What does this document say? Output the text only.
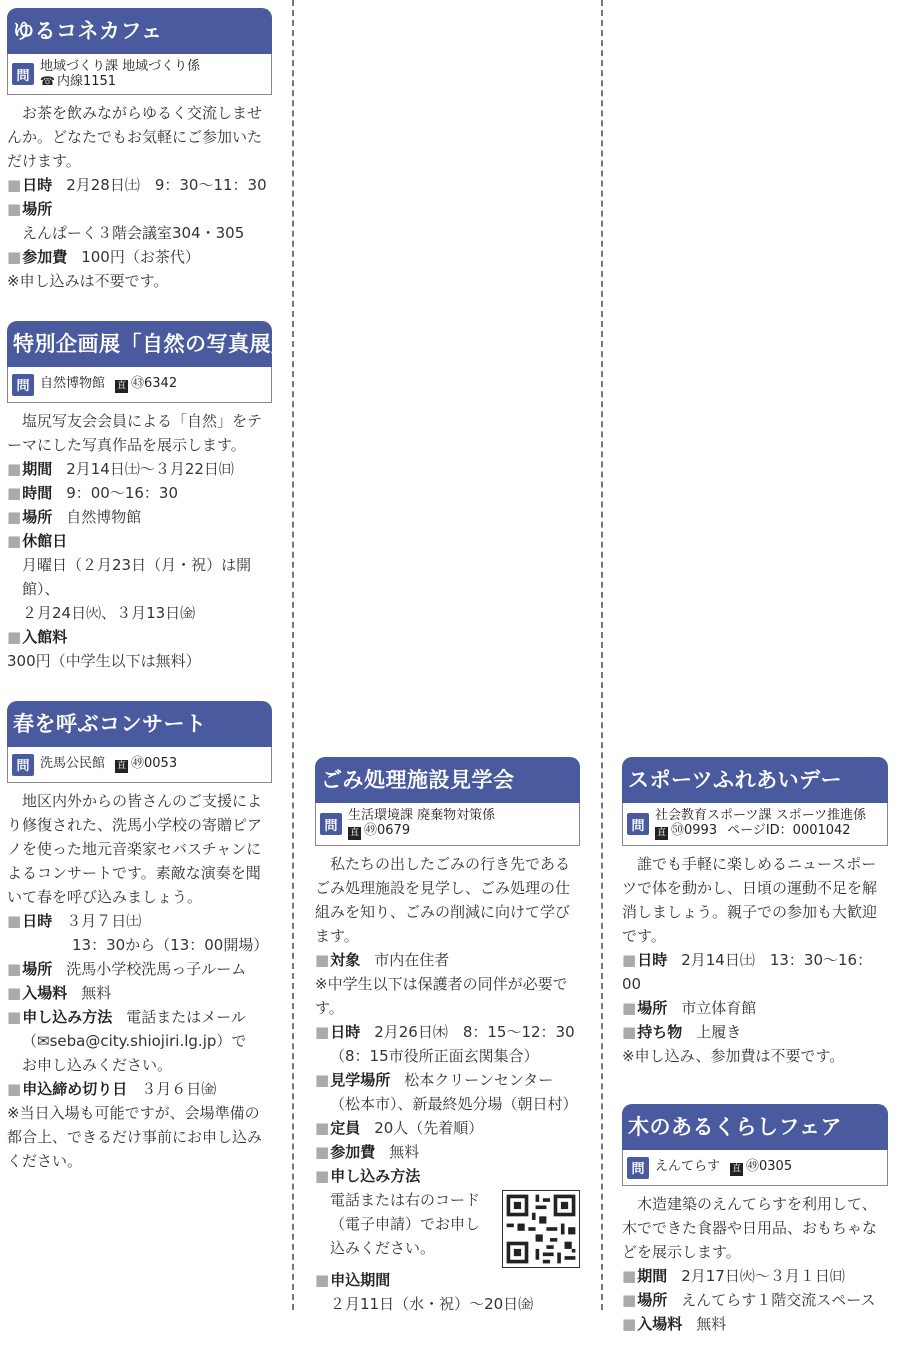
ゆるコネカフェ
問
地域づくり課 地域づくり係
☎ 内線1151

お茶を飲みながらゆるく交流しませんか。どなたでもお気軽にご参加いただけます。

■日時 2月28日㈯　9：30～11：30

■場所

えんぱーく３階会議室304・305

■参加費 100円（お茶代）

※申し込みは不要です。

特別企画展「自然の写真展」
問 自然博物館 直 ㊸6342

塩尻写友会会員による「自然」をテーマにした写真作品を展示します。

■期間 2月14日㈯～３月22日㈰

■時間 9：00～16：30

■場所 自然博物館

■休館日

月曜日（２月23日（月・祝）は開館）、

２月24日㈫、３月13日㈮

■入館料300円（中学生以下は無料）

春を呼ぶコンサート
問 洗馬公民館 直 ㊾0053

地区内外からの皆さんのご支援により修復された、洗馬小学校の寄贈ピアノを使った地元音楽家セバスチャンによるコンサートです。素敵な演奏を聞いて春を呼び込みましょう。

■日時 ３月７日㈯

13：30から（13：00開場）

■場所 洗馬小学校洗馬っ子ルーム

■入場料 無料

■申し込み方法 電話またはメール

（✉seba@city.shiojiri.lg.jp）で

お申し込みください。

■申込締め切り日 ３月６日㈮

※当日入場も可能ですが、会場準備の都合上、できるだけ事前にお申し込みください。

ごみ処理施設見学会
問
生活環境課 廃棄物対策係
直 ㊾0679

私たちの出したごみの行き先であるごみ処理施設を見学し、ごみ処理の仕組みを知り、ごみの削減に向けて学びます。

■対象 市内在住者

※中学生以下は保護者の同伴が必要です。

■日時 2月26日㈭　8：15～12：30

（8：15市役所正面玄関集合）

■見学場所 松本クリーンセンター

（松本市）、新最終処分場（朝日村）

■定員 20人（先着順）

■参加費 無料

■申し込み方法

電話または右のコード（電子申請）でお申し込みください。

■申込期間

２月11日（水・祝）～20日㈮

スポーツふれあいデー
問
社会教育スポーツ課 スポーツ推進係
直 ㊿0993 ページID：0001042

誰でも手軽に楽しめるニュースポーツで体を動かし、日頃の運動不足を解消しましょう。親子での参加も大歓迎です。

■日時 2月14日㈯　13：30～16：00

■場所 市立体育館

■持ち物 上履き

※申し込み、参加費は不要です。

木のあるくらしフェア
問 えんてらす 直 ㊾0305

木造建築のえんてらすを利用して、木でできた食器や日用品、おもちゃなどを展示します。

■期間 2月17日㈫～３月１日㈰

■場所 えんてらす１階交流スペース

■入場料 無料
